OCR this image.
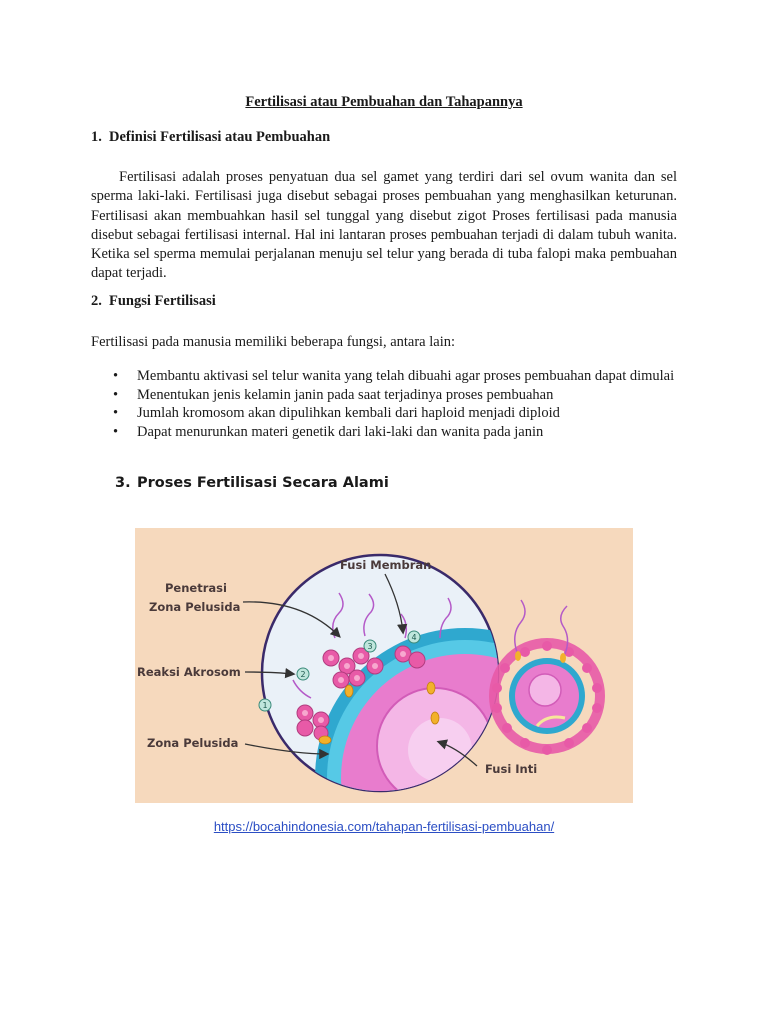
Fertilisasi atau Pembuahan dan Tahapannya
1. Definisi Fertilisasi atau Pembuahan
Fertilisasi adalah proses penyatuan dua sel gamet yang terdiri dari sel ovum wanita dan sel sperma laki-laki. Fertilisasi juga disebut sebagai proses pembuahan yang menghasilkan keturunan. Fertilisasi akan membuahkan hasil sel tunggal yang disebut zigot Proses fertilisasi pada manusia disebut sebagai fertilisasi internal. Hal ini lantaran proses pembuahan terjadi di dalam tubuh wanita. Ketika sel sperma memulai perjalanan menuju sel telur yang berada di tuba falopi maka pembuahan dapat terjadi.
2. Fungsi Fertilisasi
Fertilisasi pada manusia memiliki beberapa fungsi, antara lain:
• Membantu aktivasi sel telur wanita yang telah dibuahi agar proses pembuahan dapat dimulai
• Menentukan jenis kelamin janin pada saat terjadinya proses pembuahan
• Jumlah kromosom akan dipulihkan kembali dari haploid menjadi diploid
• Dapat menurunkan materi genetik dari laki-laki dan wanita pada janin
3. Proses Fertilisasi Secara Alami
1
2
3
4
Fusi Membran
Penetrasi
Zona Pelusida
Reaksi Akrosom
Zona Pelusida
Fusi Inti
https://bocahindonesia.com/tahapan-fertilisasi-pembuahan/
